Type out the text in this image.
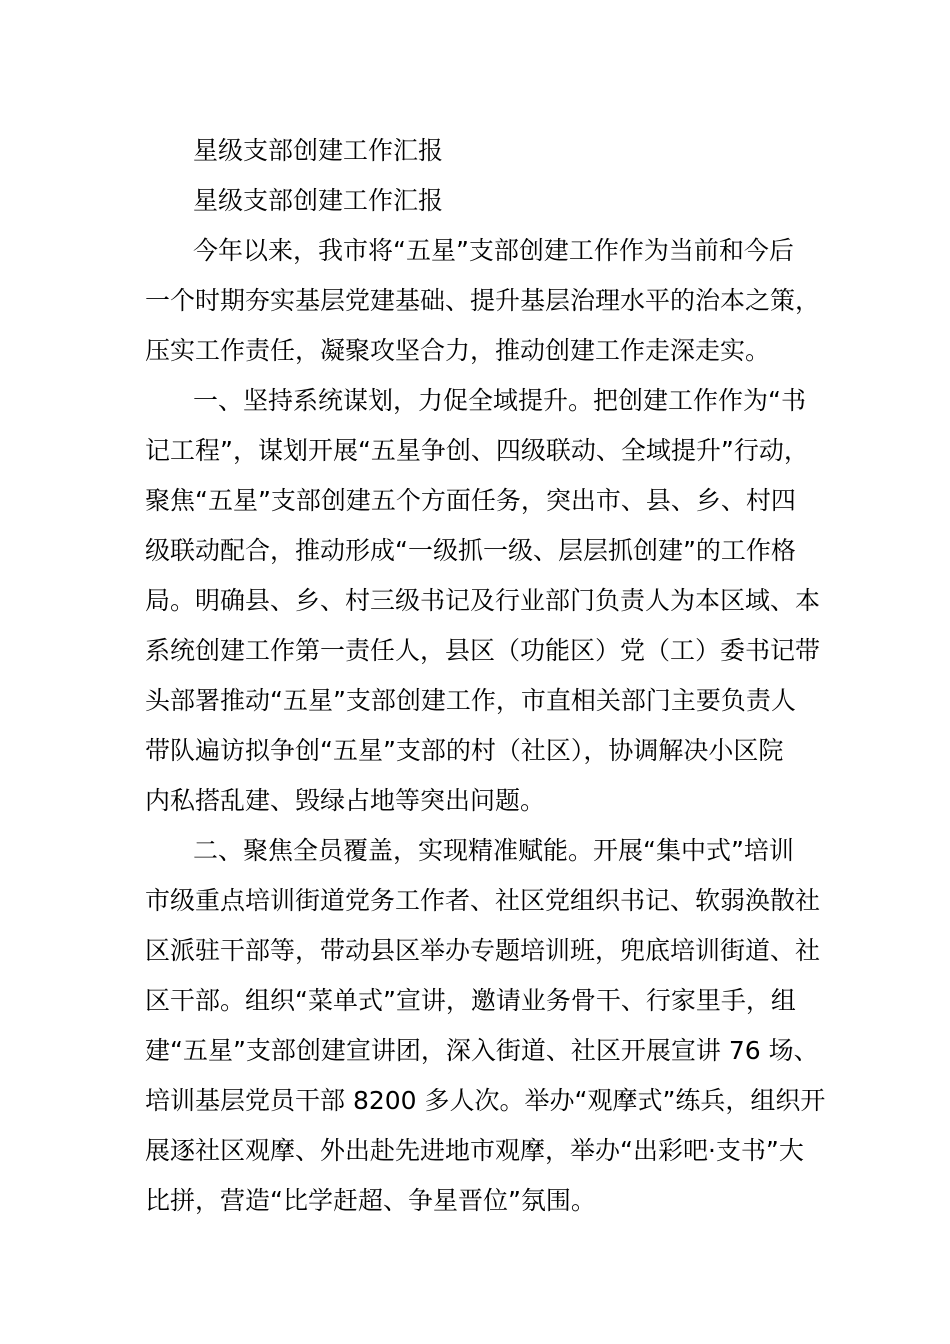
星级支部创建工作汇报
星级支部创建工作汇报

今年以来，我市将“五星”支部创建工作作为当前和今后
一个时期夯实基层党建基础、提升基层治理水平的治本之策，
压实工作责任，凝聚攻坚合力，推动创建工作走深走实。

一、坚持系统谋划，力促全域提升。把创建工作作为“书
记工程”，谋划开展“五星争创、四级联动、全域提升”行动，
聚焦“五星”支部创建五个方面任务，突出市、县、乡、村四
级联动配合，推动形成“一级抓一级、层层抓创建”的工作格
局。明确县、乡、村三级书记及行业部门负责人为本区域、本
系统创建工作第一责任人，县区（功能区）党（工）委书记带
头部署推动“五星”支部创建工作，市直相关部门主要负责人
带队遍访拟争创“五星”支部的村（社区），协调解决小区院
内私搭乱建、毁绿占地等突出问题。

二、聚焦全员覆盖，实现精准赋能。开展“集中式”培训
市级重点培训街道党务工作者、社区党组织书记、软弱涣散社
区派驻干部等，带动县区举办专题培训班，兜底培训街道、社
区干部。组织“菜单式”宣讲，邀请业务骨干、行家里手，组
建“五星”支部创建宣讲团，深入街道、社区开展宣讲 76 场、
培训基层党员干部 8200 多人次。举办“观摩式”练兵，组织开
展逐社区观摩、外出赴先进地市观摩，举办“出彩吧·支书”大
比拼，营造“比学赶超、争星晋位”氛围。
